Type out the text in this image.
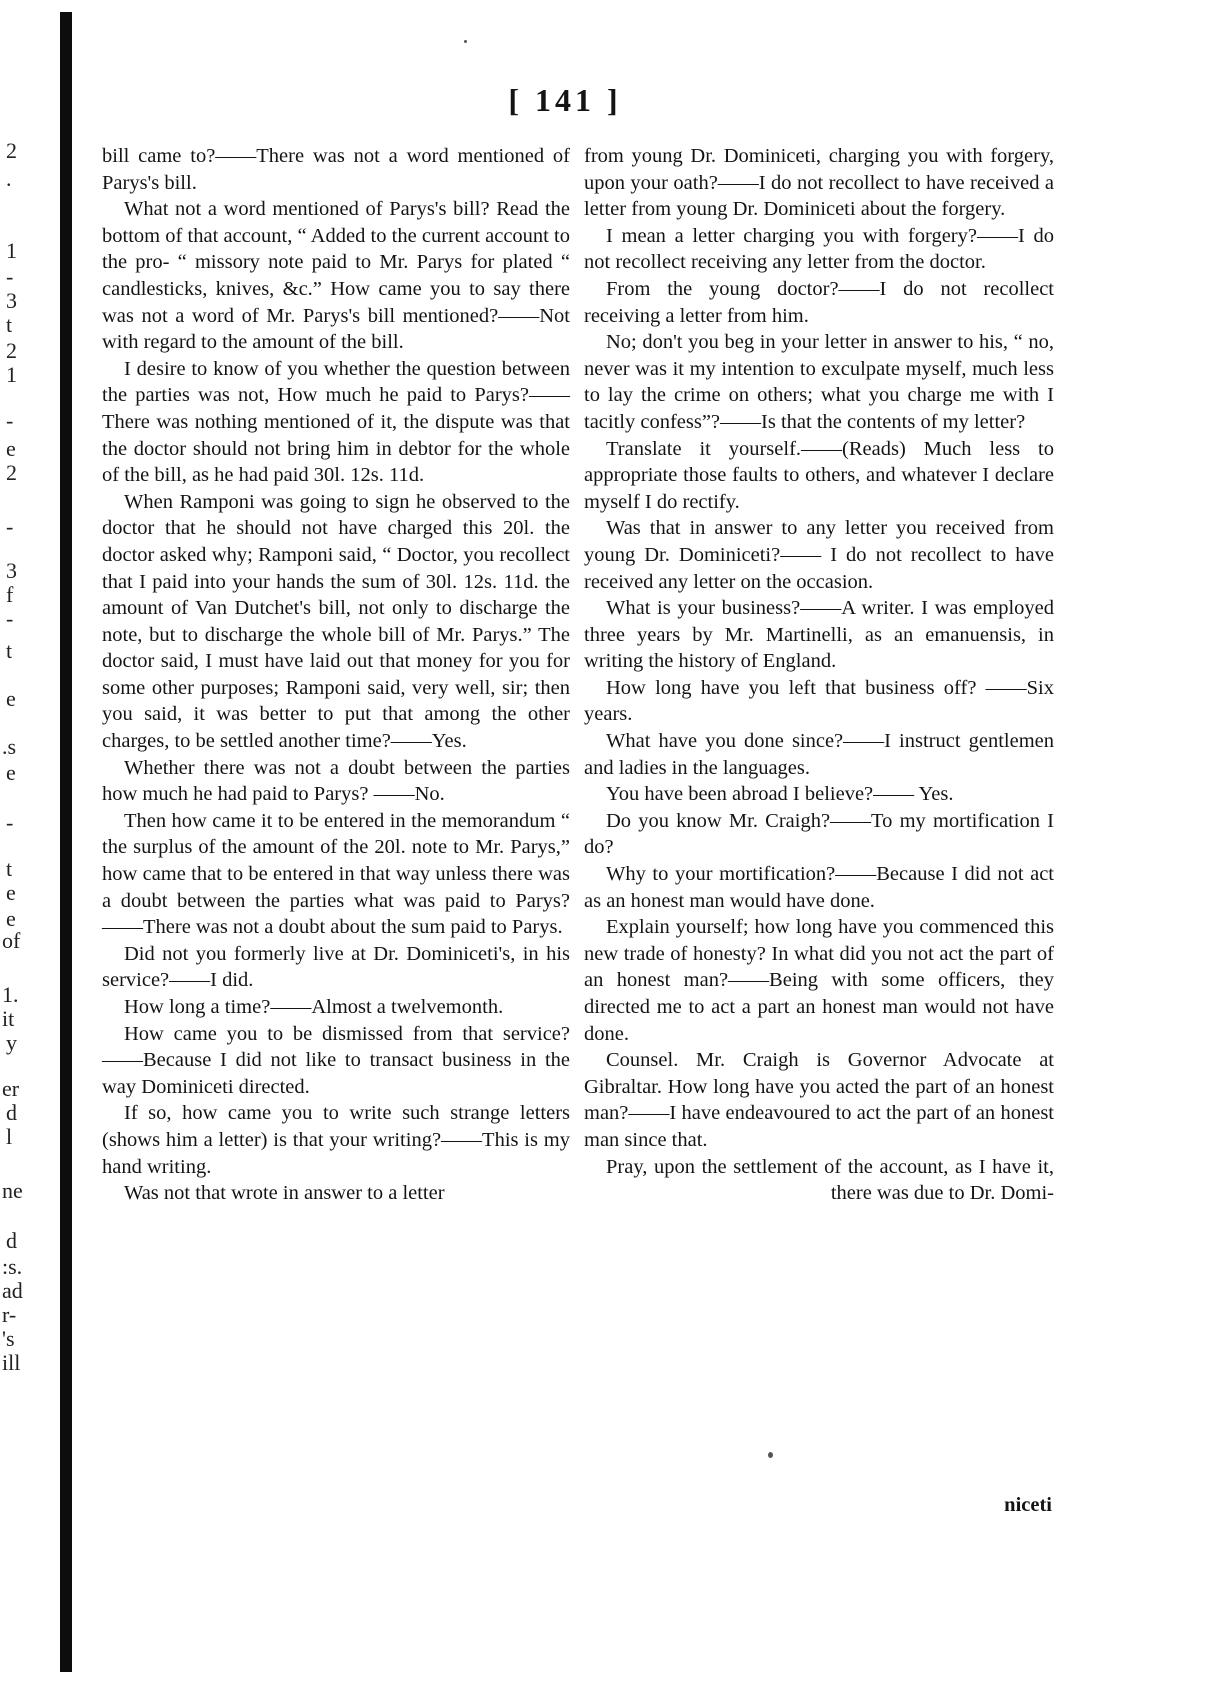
2
.
1
-
3
t
2
1
-
e
2
-
3
f
-
t
e
.s
e
-
t
e
e
of
1.
it
y
er
d
l
ne
d
:s.
ad
r-
's
ill
[ 141 ]

bill came to?——There was not a word mentioned of Parys's bill.

What not a word mentioned of Parys's bill? Read the bottom of that account, “ Added to the current account to the pro- “ missory note paid to Mr. Parys for plated “ candlesticks, knives, &c.” How came you to say there was not a word of Mr. Parys's bill mentioned?——Not with regard to the amount of the bill.

I desire to know of you whether the question between the parties was not, How much he paid to Parys?——There was nothing mentioned of it, the dispute was that the doctor should not bring him in debtor for the whole of the bill, as he had paid 30l. 12s. 11d.

When Ramponi was going to sign he observed to the doctor that he should not have charged this 20l. the doctor asked why; Ramponi said, “ Doctor, you recollect that I paid into your hands the sum of 30l. 12s. 11d. the amount of Van Dutchet's bill, not only to discharge the note, but to discharge the whole bill of Mr. Parys.” The doctor said, I must have laid out that money for you for some other purposes; Ramponi said, very well, sir; then you said, it was better to put that among the other charges, to be settled another time?——Yes.

Whether there was not a doubt between the parties how much he had paid to Parys? ——No.

Then how came it to be entered in the memorandum “ the surplus of the amount of the 20l. note to Mr. Parys,” how came that to be entered in that way unless there was a doubt between the parties what was paid to Parys?——There was not a doubt about the sum paid to Parys.

Did not you formerly live at Dr. Dominiceti's, in his service?——I did.

How long a time?——Almost a twelvemonth.

How came you to be dismissed from that service?——Because I did not like to transact business in the way Dominiceti directed.

If so, how came you to write such strange letters (shows him a letter) is that your writing?——This is my hand writing.

Was not that wrote in answer to a letter

from young Dr. Dominiceti, charging you with forgery, upon your oath?——I do not recollect to have received a letter from young Dr. Dominiceti about the forgery.

I mean a letter charging you with forgery?——I do not recollect receiving any letter from the doctor.

From the young doctor?——I do not recollect receiving a letter from him.

No; don't you beg in your letter in answer to his, “ no, never was it my intention to exculpate myself, much less to lay the crime on others; what you charge me with I tacitly confess”?——Is that the contents of my letter?

Translate it yourself.——(Reads) Much less to appropriate those faults to others, and whatever I declare myself I do rectify.

Was that in answer to any letter you received from young Dr. Dominiceti?—— I do not recollect to have received any letter on the occasion.

What is your business?——A writer. I was employed three years by Mr. Martinelli, as an emanuensis, in writing the history of England.

How long have you left that business off? ——Six years.

What have you done since?——I instruct gentlemen and ladies in the languages.

You have been abroad I believe?—— Yes.

Do you know Mr. Craigh?——To my mortification I do?

Why to your mortification?——Because I did not act as an honest man would have done.

Explain yourself; how long have you commenced this new trade of honesty? In what did you not act the part of an honest man?——Being with some officers, they directed me to act a part an honest man would not have done.

Counsel. Mr. Craigh is Governor Advocate at Gibraltar. How long have you acted the part of an honest man?——I have endeavoured to act the part of an honest man since that.

Pray, upon the settlement of the account, as I have it, there was due to Dr. Domi-

niceti
